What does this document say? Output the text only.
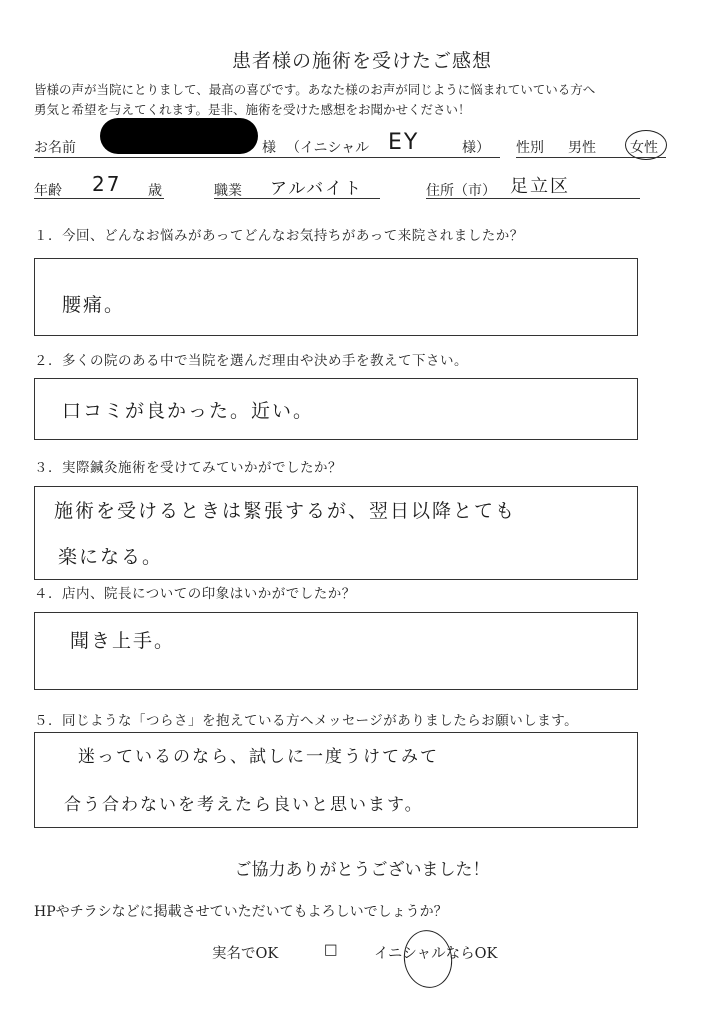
患者様の施術を受けたご感想
皆様の声が当院にとりまして、最高の喜びです。あなた様のお声が同じように悩まれていている方へ
勇気と希望を与えてくれます。是非、施術を受けた感想をお聞かせください！
お名前	様 （イニシャル EY	様） 性別 男性 女性
年齢 27 歳	職業 アルバイト	住所（市） 足立区
１．今回、どんなお悩みがあってどんなお気持ちがあって来院されましたか？
腰痛。
２．多くの院のある中で当院を選んだ理由や決め手を教えて下さい。
口コミが良かった。近い。
３．実際鍼灸施術を受けてみていかがでしたか？
施術を受けるときは緊張するが、翌日以降とても
楽になる。
４．店内、院長についての印象はいかがでしたか？
聞き上手。
５．同じような「つらさ」を抱えている方へメッセージがありましたらお願いします。
迷っているのなら、試しに一度うけてみて
合う合わないを考えたら良いと思います。
ご協力ありがとうございました！
HPやチラシなどに掲載させていただいてもよろしいでしょうか？
実名でOK	□	イニシャルならOK
